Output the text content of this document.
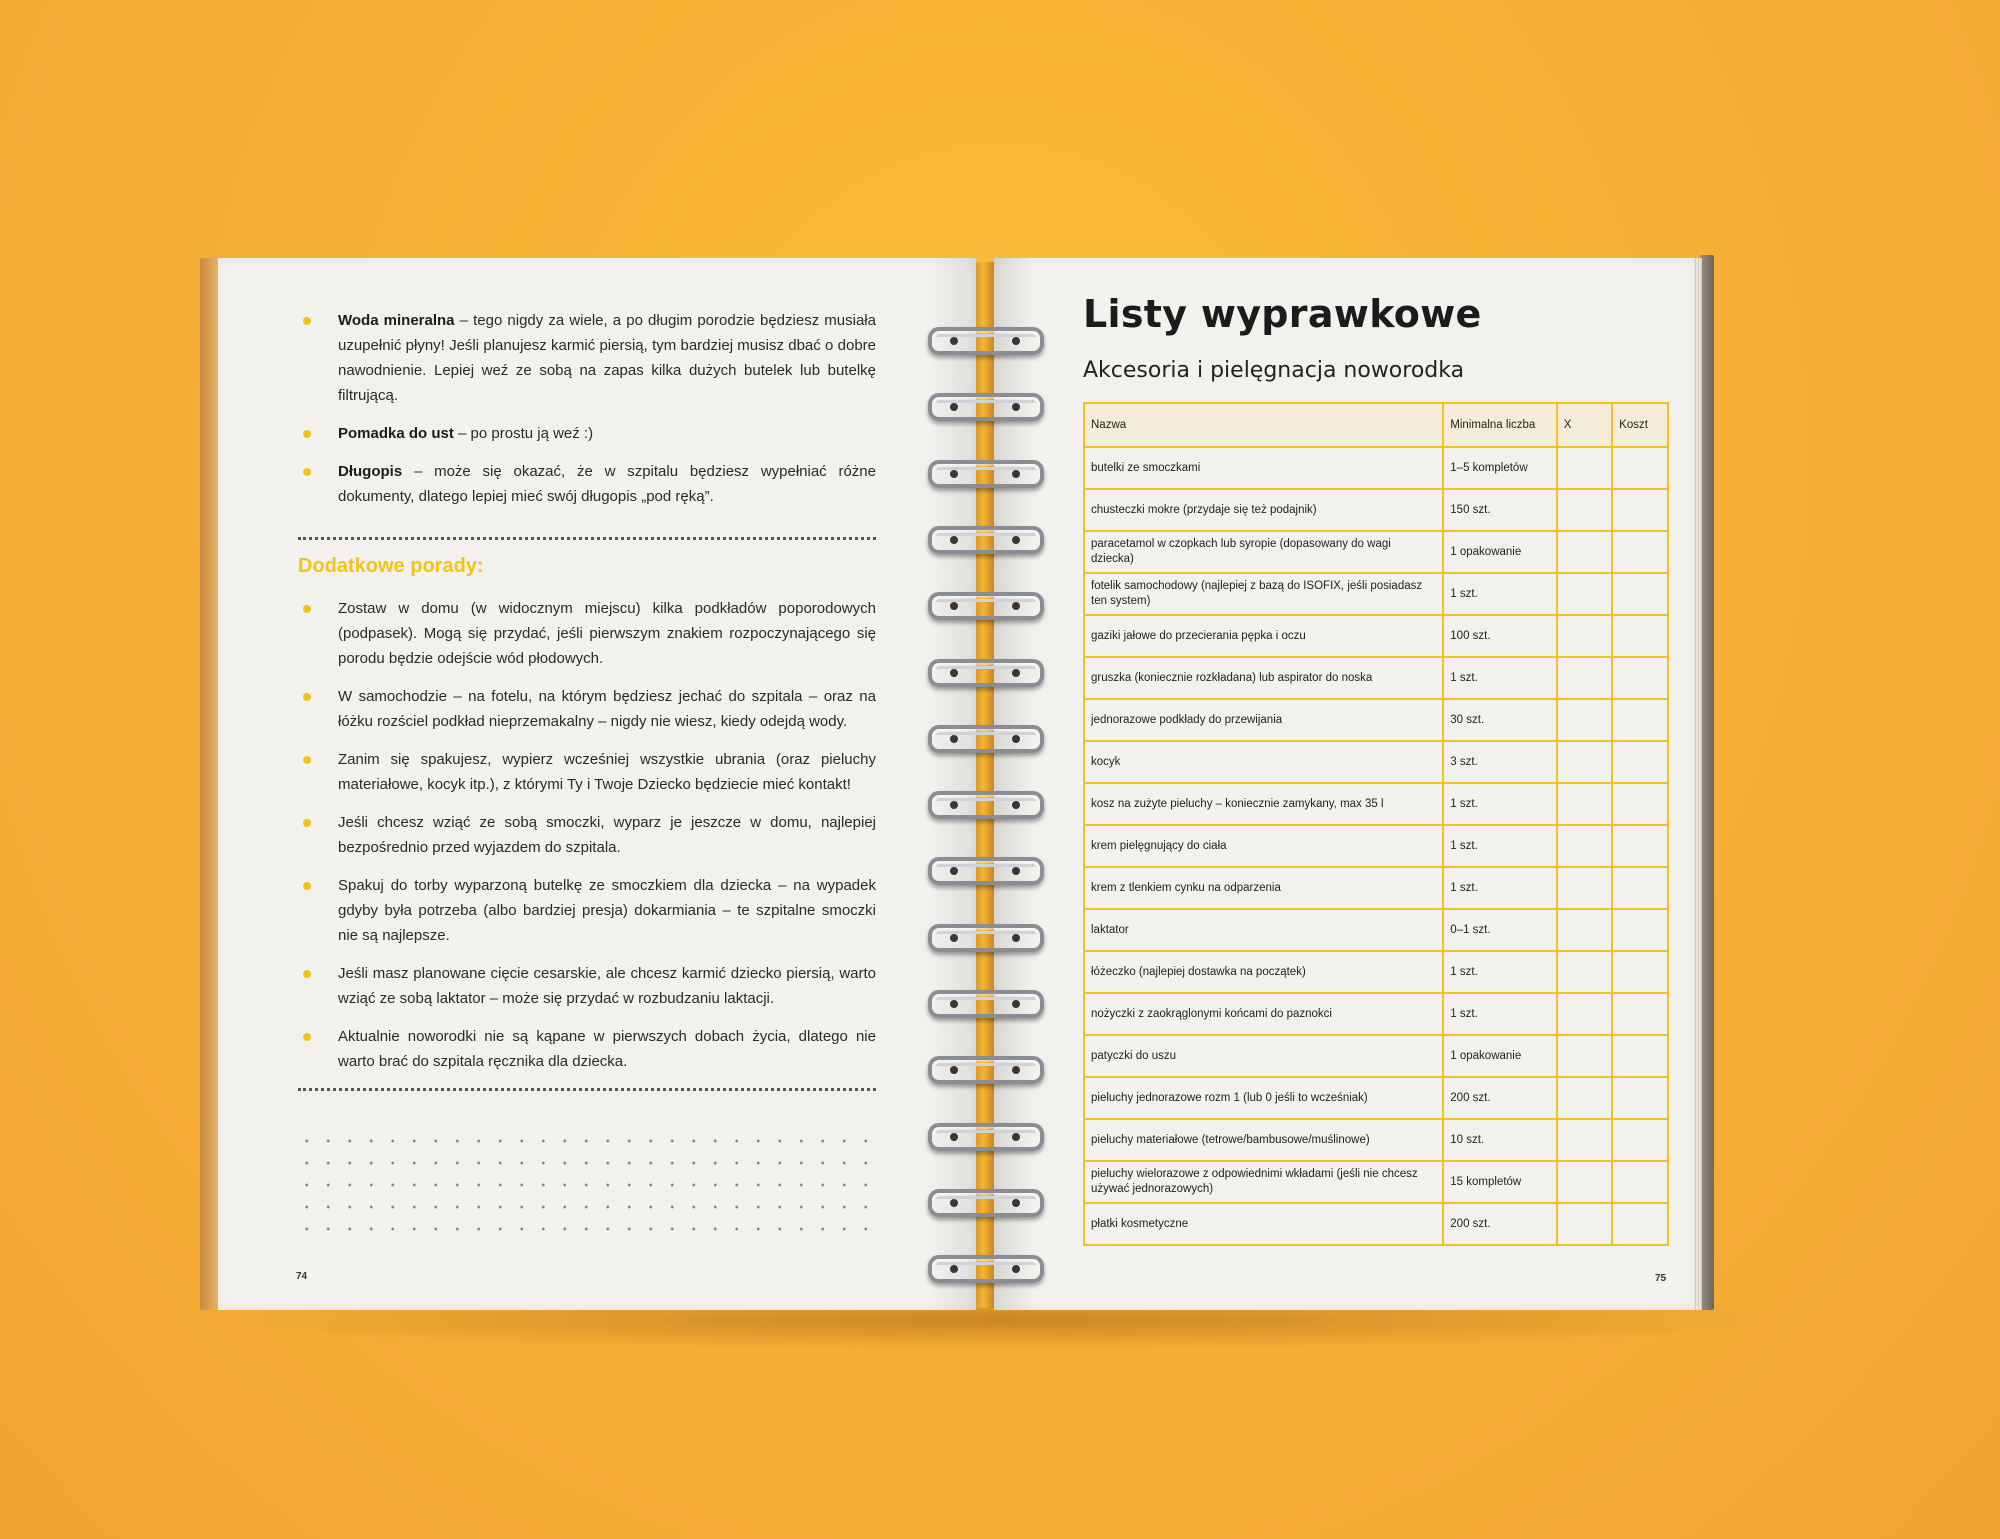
Woda mineralna – tego nigdy za wiele, a po długim porodzie będziesz musiała uzupełnić płyny! Jeśli planujesz karmić piersią, tym bardziej musisz dbać o dobre nawodnienie. Lepiej weź ze sobą na zapas kilka dużych butelek lub butelkę filtrującą.
Pomadka do ust – po prostu ją weź :)
Długopis – może się okazać, że w szpitalu będziesz wypełniać różne dokumenty, dlatego lepiej mieć swój długopis „pod ręką”.
Dodatkowe porady:
Zostaw w domu (w widocznym miejscu) kilka podkładów poporodowych (podpasek). Mogą się przydać, jeśli pierwszym znakiem rozpoczynającego się porodu będzie odejście wód płodowych.
W samochodzie – na fotelu, na którym będziesz jechać do szpitala – oraz na łóżku rozściel podkład nieprzemakalny – nigdy nie wiesz, kiedy odejdą wody.
Zanim się spakujesz, wypierz wcześniej wszystkie ubrania (oraz pieluchy materiałowe, kocyk itp.), z którymi Ty i Twoje Dziecko będziecie mieć kontakt!
Jeśli chcesz wziąć ze sobą smoczki, wyparz je jeszcze w domu, najlepiej bezpośrednio przed wyjazdem do szpitala.
Spakuj do torby wyparzoną butelkę ze smoczkiem dla dziecka – na wypadek gdyby była potrzeba (albo bardziej presja) dokarmiania – te szpitalne smoczki nie są najlepsze.
Jeśli masz planowane cięcie cesarskie, ale chcesz karmić dziecko piersią, warto wziąć ze sobą laktator – może się przydać w rozbudzaniu laktacji.
Aktualnie noworodki nie są kąpane w pierwszych dobach życia, dlatego nie warto brać do szpitala ręcznika dla dziecka.
74
Listy wyprawkowe
Akcesoria i pielęgnacja noworodka
Nazwa	Minimalna liczba	X	Koszt
butelki ze smoczkami	1–5 kompletów		
chusteczki mokre (przydaje się też podajnik)	150 szt.		
paracetamol w czopkach lub syropie (dopasowany do wagi dziecka)	1 opakowanie		
fotelik samochodowy (najlepiej z bazą do ISOFIX, jeśli posiadasz ten system)	1 szt.		
gaziki jałowe do przecierania pępka i oczu	100 szt.		
gruszka (koniecznie rozkładana) lub aspirator do noska	1 szt.		
jednorazowe podkłady do przewijania	30 szt.		
kocyk	3 szt.		
kosz na zużyte pieluchy – koniecznie zamykany, max 35 l	1 szt.		
krem pielęgnujący do ciała	1 szt.		
krem z tlenkiem cynku na odparzenia	1 szt.		
laktator	0–1 szt.		
łóżeczko (najlepiej dostawka na początek)	1 szt.		
nożyczki z zaokrąglonymi końcami do paznokci	1 szt.		
patyczki do uszu	1 opakowanie		
pieluchy jednorazowe rozm 1 (lub 0 jeśli to wcześniak)	200 szt.		
pieluchy materiałowe (tetrowe/bambusowe/muślinowe)	10 szt.		
pieluchy wielorazowe z odpowiednimi wkładami (jeśli nie chcesz używać jednorazowych)	15 kompletów		
płatki kosmetyczne	200 szt.		
75
